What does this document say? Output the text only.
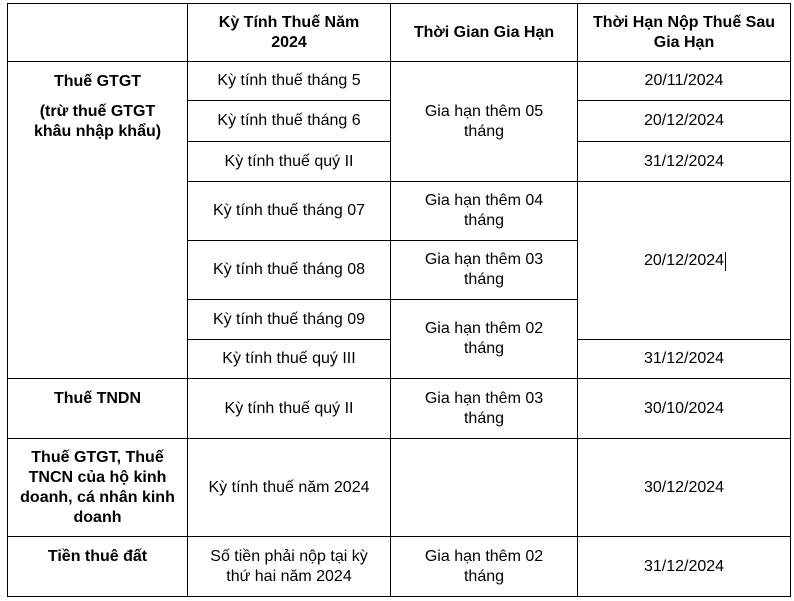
Kỳ Tính Thuế Năm
2024
Thời Gian Gia Hạn
Thời Hạn Nộp Thuế Sau
Gia Hạn
Thuế GTGT
(trừ thuế GTGT
khâu nhập khẩu)
Kỳ tính thuế tháng 5
Kỳ tính thuế tháng 6
Kỳ tính thuế quý II
Kỳ tính thuế tháng 07
Kỳ tính thuế tháng 08
Kỳ tính thuế tháng 09
Kỳ tính thuế quý III
Gia hạn thêm 05
tháng
Gia hạn thêm 04
tháng
Gia hạn thêm 03
tháng
Gia hạn thêm 02
tháng
20/11/2024
20/12/2024
31/12/2024
20/12/2024
31/12/2024
Thuế TNDN
Kỳ tính thuế quý II
Gia hạn thêm 03
tháng
30/10/2024
Thuế GTGT, Thuế
TNCN của hộ kinh
doanh, cá nhân kinh
doanh
Kỳ tính thuế năm 2024	30/12/2024
Tiền thuê đất	Số tiền phải nộp tại kỳ
thứ hai năm 2024
Gia hạn thêm 02
tháng
31/12/2024
